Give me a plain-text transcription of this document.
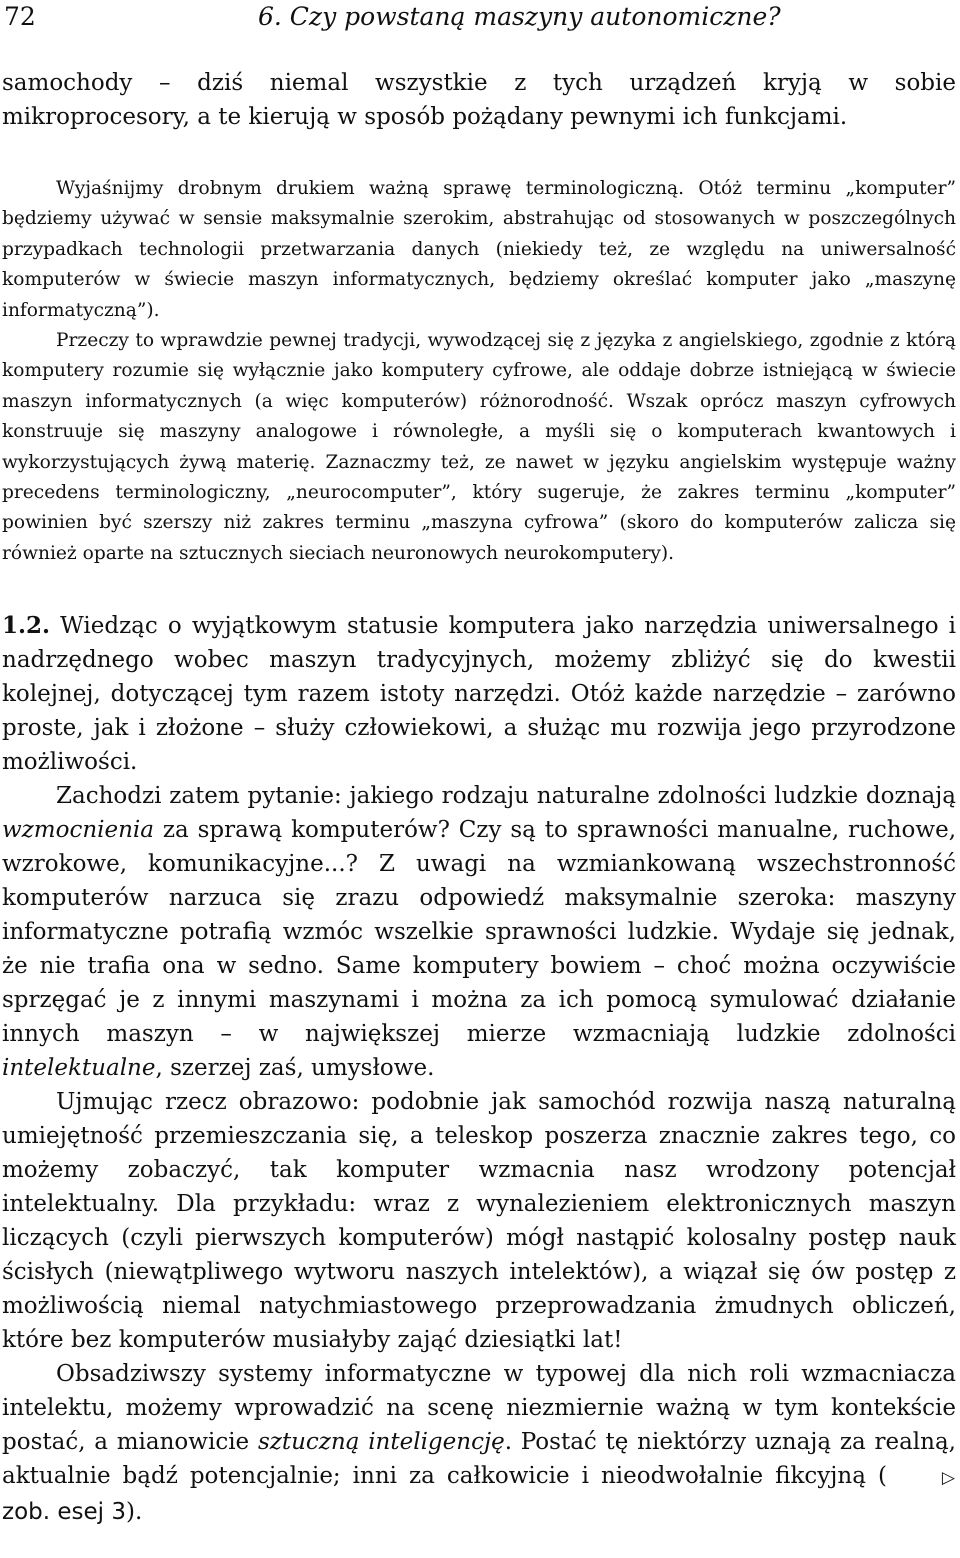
72	6. Czy powstaną maszyny autonomiczne?

samochody – dziś niemal wszystkie z tych urządzeń kryją w sobie mikroprocesory, a te kierują w sposób pożądany pewnymi ich funkcjami.

Wyjaśnijmy drobnym drukiem ważną sprawę terminologiczną. Otóż terminu „komputer” będziemy używać w sensie maksymalnie szerokim, abstrahując od stosowanych w poszczególnych przypadkach technologii przetwarzania danych (niekiedy też, ze względu na uniwersalność komputerów w świecie maszyn informatycznych, będziemy określać komputer jako „maszynę informatyczną”).

Przeczy to wprawdzie pewnej tradycji, wywodzącej się z języka z angielskiego, zgodnie z którą komputery rozumie się wyłącznie jako komputery cyfrowe, ale oddaje dobrze istniejącą w świecie maszyn informatycznych (a więc komputerów) różnorodność. Wszak oprócz maszyn cyfrowych konstruuje się maszyny analogowe i równoległe, a myśli się o komputerach kwantowych i wykorzystujących żywą materię. Zaznaczmy też, ze nawet w języku angielskim występuje ważny precedens terminologiczny, „neurocomputer”, który sugeruje, że zakres terminu „komputer” powinien być szerszy niż zakres terminu „maszyna cyfrowa” (skoro do komputerów zalicza się również oparte na sztucznych sieciach neuronowych neurokomputery).

1.2. Wiedząc o wyjątkowym statusie komputera jako narzędzia uniwersalnego i nadrzędnego wobec maszyn tradycyjnych, możemy zbliżyć się do kwestii kolejnej, dotyczącej tym razem istoty narzędzi. Otóż każde narzędzie – zarówno proste, jak i złożone – służy człowiekowi, a służąc mu rozwija jego przyrodzone możliwości.

Zachodzi zatem pytanie: jakiego rodzaju naturalne zdolności ludzkie doznają wzmocnienia za sprawą komputerów? Czy są to sprawności manualne, ruchowe, wzrokowe, komunikacyjne...? Z uwagi na wzmiankowaną wszechstronność komputerów narzuca się zrazu odpowiedź maksymalnie szeroka: maszyny informatyczne potrafią wzmóc wszelkie sprawności ludzkie. Wydaje się jednak, że nie trafia ona w sedno. Same komputery bowiem – choć można oczywiście sprzęgać je z innymi maszynami i można za ich pomocą symulować działanie innych maszyn – w największej mierze wzmacniają ludzkie zdolności intelektualne, szerzej zaś, umysłowe.

Ujmując rzecz obrazowo: podobnie jak samochód rozwija naszą naturalną umiejętność przemieszczania się, a teleskop poszerza znacznie zakres tego, co możemy zobaczyć, tak komputer wzmacnia nasz wrodzony potencjał intelektualny. Dla przykładu: wraz z wynalezieniem elektronicznych maszyn liczących (czyli pierwszych komputerów) mógł nastąpić kolosalny postęp nauk ścisłych (niewątpliwego wytworu naszych intelektów), a wiązał się ów postęp z możliwością niemal natychmiastowego przeprowadzania żmudnych obliczeń, które bez komputerów musiałyby zająć dziesiątki lat!

Obsadziwszy systemy informatyczne w typowej dla nich roli wzmacniacza intelektu, możemy wprowadzić na scenę niezmiernie ważną w tym kontekście postać, a mianowicie sztuczną inteligencję. Postać tę niektórzy uznają za realną, aktualnie bądź potencjalnie; inni za całkowicie i nieodwołalnie fikcyjną (	▷zob. esej 3).
